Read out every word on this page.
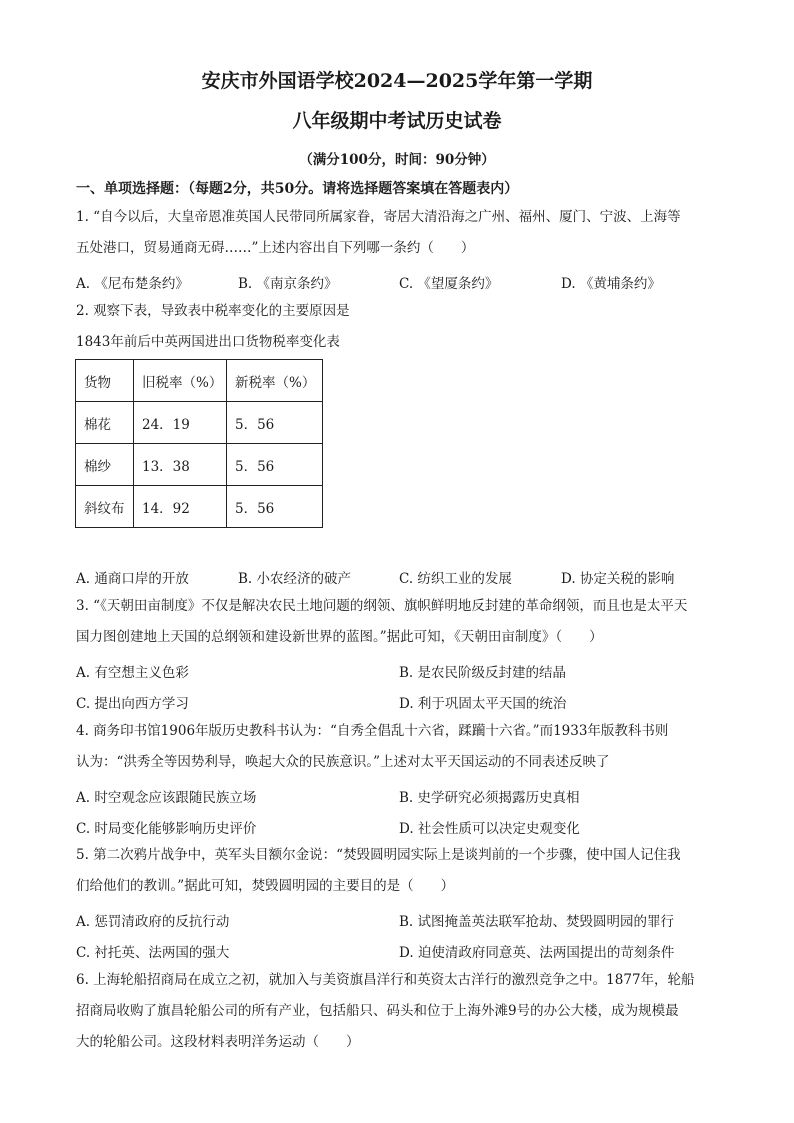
安庆市外国语学校2024—2025学年第一学期
八年级期中考试历史试卷
（满分100分，时间：90分钟）
一、单项选择题：（每题2分，共50分。请将选择题答案填在答题表内）
1. “自今以后，大皇帝恩准英国人民带同所属家眷，寄居大清沿海之广州、福州、厦门、宁波、上海等
五处港口，贸易通商无碍……”上述内容出自下列哪一条约（　　）
A. 《尼布楚条约》	B. 《南京条约》	C. 《望厦条约》	D. 《黄埔条约》
2. 观察下表，导致表中税率变化的主要原因是
1843年前后中英两国进出口货物税率变化表
货物	旧税率（%）	新税率（%）
棉花	24．19	5．56
棉纱	13．38	5．56
斜纹布	14．92	5．56
A. 通商口岸的开放	B. 小农经济的破产	C. 纺织工业的发展	D. 协定关税的影响
3. “《天朝田亩制度》不仅是解决农民土地问题的纲领、旗帜鲜明地反封建的革命纲领，而且也是太平天
国力图创建地上天国的总纲领和建设新世界的蓝图。”据此可知，《天朝田亩制度》（　　）
A. 有空想主义色彩	B. 是农民阶级反封建的结晶
C. 提出向西方学习	D. 利于巩固太平天国的统治
4. 商务印书馆1906年版历史教科书认为：“自秀全倡乱十六省，蹂躏十六省。”而1933年版教科书则
认为：“洪秀全等因势利导，唤起大众的民族意识。”上述对太平天国运动的不同表述反映了
A. 时空观念应该跟随民族立场	B. 史学研究必须揭露历史真相
C. 时局变化能够影响历史评价	D. 社会性质可以决定史观变化
5. 第二次鸦片战争中，英军头目额尔金说：“焚毁圆明园实际上是谈判前的一个步骤，使中国人记住我
们给他们的教训。”据此可知，焚毁圆明园的主要目的是（　　）
A. 惩罚清政府的反抗行动	B. 试图掩盖英法联军抢劫、焚毁圆明园的罪行
C. 衬托英、法两国的强大	D. 迫使清政府同意英、法两国提出的苛刻条件
6. 上海轮船招商局在成立之初，就加入与美资旗昌洋行和英资太古洋行的激烈竞争之中。1877年，轮船
招商局收购了旗昌轮船公司的所有产业，包括船只、码头和位于上海外滩9号的办公大楼，成为规模最
大的轮船公司。这段材料表明洋务运动（　　）
